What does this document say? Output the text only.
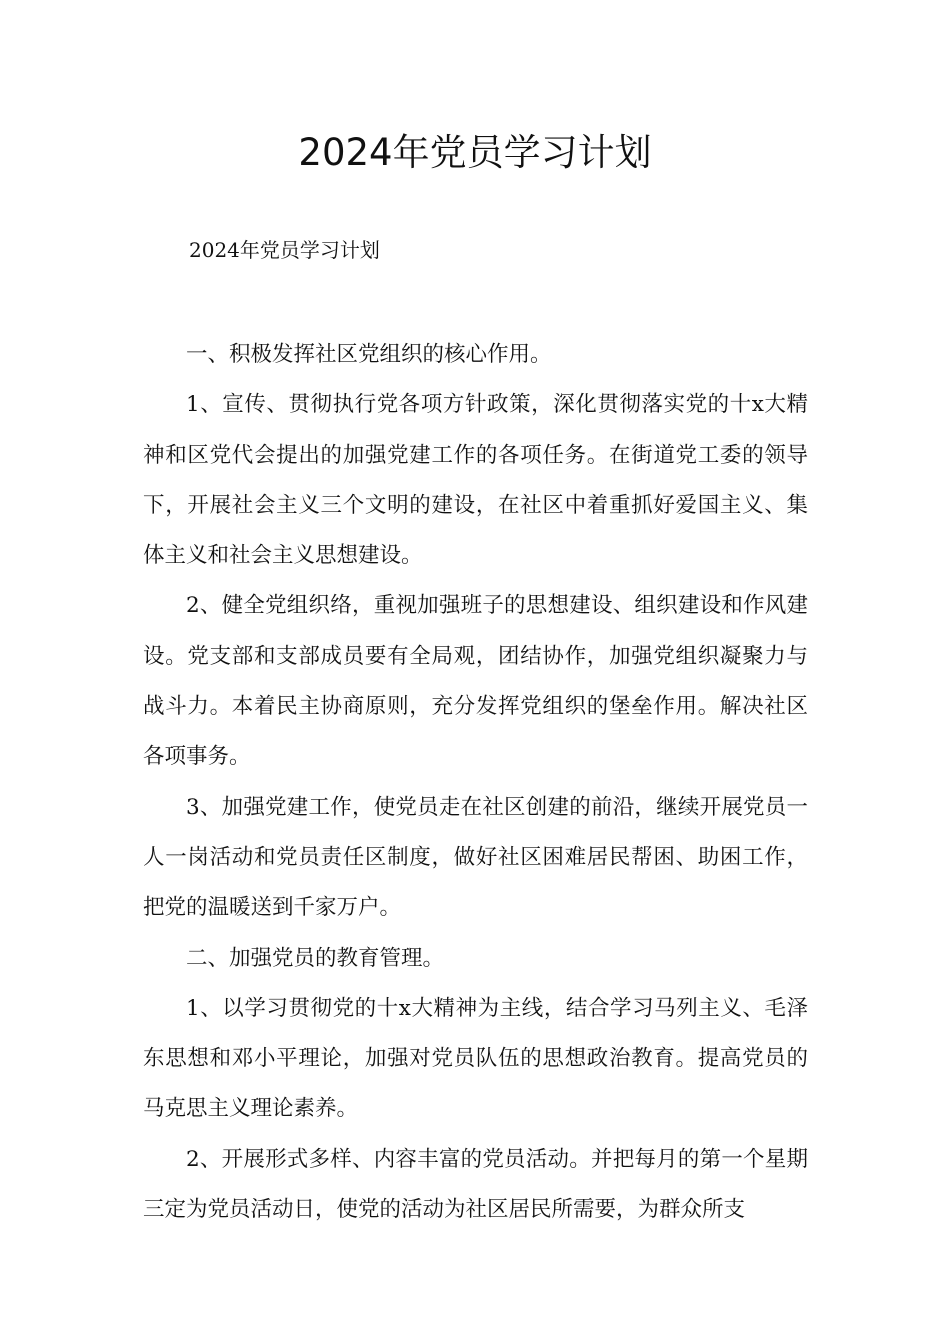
2024年党员学习计划
2024年党员学习计划

一、积极发挥社区党组织的核心作用。

1、宣传、贯彻执行党各项方针政策，深化贯彻落实党的十x大精神和区党代会提出的加强党建工作的各项任务。在街道党工委的领导下，开展社会主义三个文明的建设，在社区中着重抓好爱国主义、集体主义和社会主义思想建设。

2、健全党组织络，重视加强班子的思想建设、组织建设和作风建设。党支部和支部成员要有全局观，团结协作，加强党组织凝聚力与战斗力。本着民主协商原则，充分发挥党组织的堡垒作用。解决社区各项事务。

3、加强党建工作，使党员走在社区创建的前沿，继续开展党员一人一岗活动和党员责任区制度，做好社区困难居民帮困、助困工作，把党的温暖送到千家万户。

二、加强党员的教育管理。

1、以学习贯彻党的十x大精神为主线，结合学习马列主义、毛泽东思想和邓小平理论，加强对党员队伍的思想政治教育。提高党员的马克思主义理论素养。

2、开展形式多样、内容丰富的党员活动。并把每月的第一个星期三定为党员活动日，使党的活动为社区居民所需要，为群众所支
